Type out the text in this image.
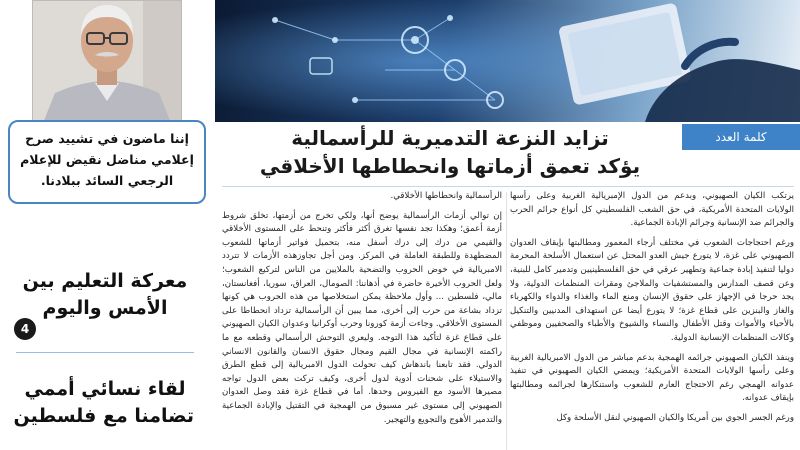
إننا ماضون في تشييد صرح
إعلامي مناضل نقيض للإعلام
الرجعي السائد ببلادنا.
معركة التعليم بين
الأمس واليوم
4
لقاء نسائي أممي
تضامنا مع فلسطين
كلمة العدد
تزايد النزعة التدميرية للرأسمالية
يؤكد تعمق أزماتها وانحطاطها الأخلاقي

يرتكب الكيان الصهيوني، وبدعم من الدول الإمبريالية الغربية وعلى رأسها الولايات المتحدة الأمريكية، في حق الشعب الفلسطيني كل أنواع جرائم الحرب والجرائم ضد الإنسانية وجرائم الإبادة الجماعية.

ورغم احتجاجات الشعوب في مختلف أرجاء المعمور ومطالبتها بإيقاف العدوان الصهيوني على غزة، لا يتورع جيش العدو المحتل عن استعمال الأسلحة المحرمة دوليا لتنفيذ إبادة جماعية وتطهير عرقي في حق الفلسطينيين وتدمير كامل للبنية، وعن قصف المدارس والمستشفيات والملاجئ ومقرات المنظمات الدولية، ولا يجد حرجا في الإجهاز على حقوق الإنسان ومنع الماء والغذاء والدواء والكهرباء والغاز والبنزين على قطاع غزة؛ لا يتورع أيضا عن استهداف المدنيين والتنكيل بالأحياء والأموات وقتل الأطفال والنساء والشيوخ والأطباء والصحفيين وموظفي وكالات المنظمات الإنسانية الدولية.

وينفذ الكيان الصهيوني جرائمه الهمجية بدعم مباشر من الدول الامبريالية الغربية وعلى رأسها الولايات المتحدة الأمريكية؛ ويمضي الكيان الصهيوني في تنفيذ عدوانه الهمجي رغم الاحتجاج العارم للشعوب واستنكارها لجرائمه ومطالبتها بإيقاف عدوانه.

ورغم الجسر الجوي بين أمريكا والكيان الصهيوني لنقل الأسلحة وكل

الرأسمالية وانحطاطها الأخلاقي.

إن توالي أزمات الرأسمالية يوضح أنها، ولكي تخرج من أزمتها، تخلق شروط أزمة أعمق؛ وهكذا تجد نفسها تغرق أكثر فأكثر وتنحط على المستوى الأخلاقي والقيمي من درك إلى درك أسفل منه، بتحميل فواتير أزماتها للشعوب المضطهدة وللطبقة العاملة في المركز. ومن أجل تجاوزهذه الأزمات لا تتردد الامبريالية في خوض الحروب والتضحية بالملايين من الناس لتركيع الشعوب؛ ولعل الحروب الأخيرة حاضرة في أذهاننا: الصومال، العراق، سوريا، أفغانستان، مالي، فلسطين ... وأول ملاحظة يمكن استخلاصها من هذه الحروب هي كونها تزداد بشاعة من حرب إلى أخرى، مما يبين أن الرأسمالية تزداد انحطاطا على المستوى الأخلاقي. وجاءت أزمة كورونا وحرب أوكرانيا وعدوان الكيان الصهيوني على قطاع غزة لتأكيد هذا التوجه. وليعري التوحش الرأسمالي وقطعه مع ما راكمته الإنسانية في مجال القيم ومجال حقوق الانسان والقانون الانساني الدولي. فقد تابعنا باندهاش كيف تحولت الدول الامبريالية إلى قطع الطرق والاستيلاء على شحنات أدوية لدول أخرى، وكيف تركت بعض الدول تواجه مصيرها الأسود مع الفيروس وحدها. أما في قطاع غزة فقد وصل العدوان الصهيوني إلى مستوى غير مسبوق من الهمجية في التقتيل والإبادة الجماعية والتدمير الأهوج والتجويع والتهجير.
